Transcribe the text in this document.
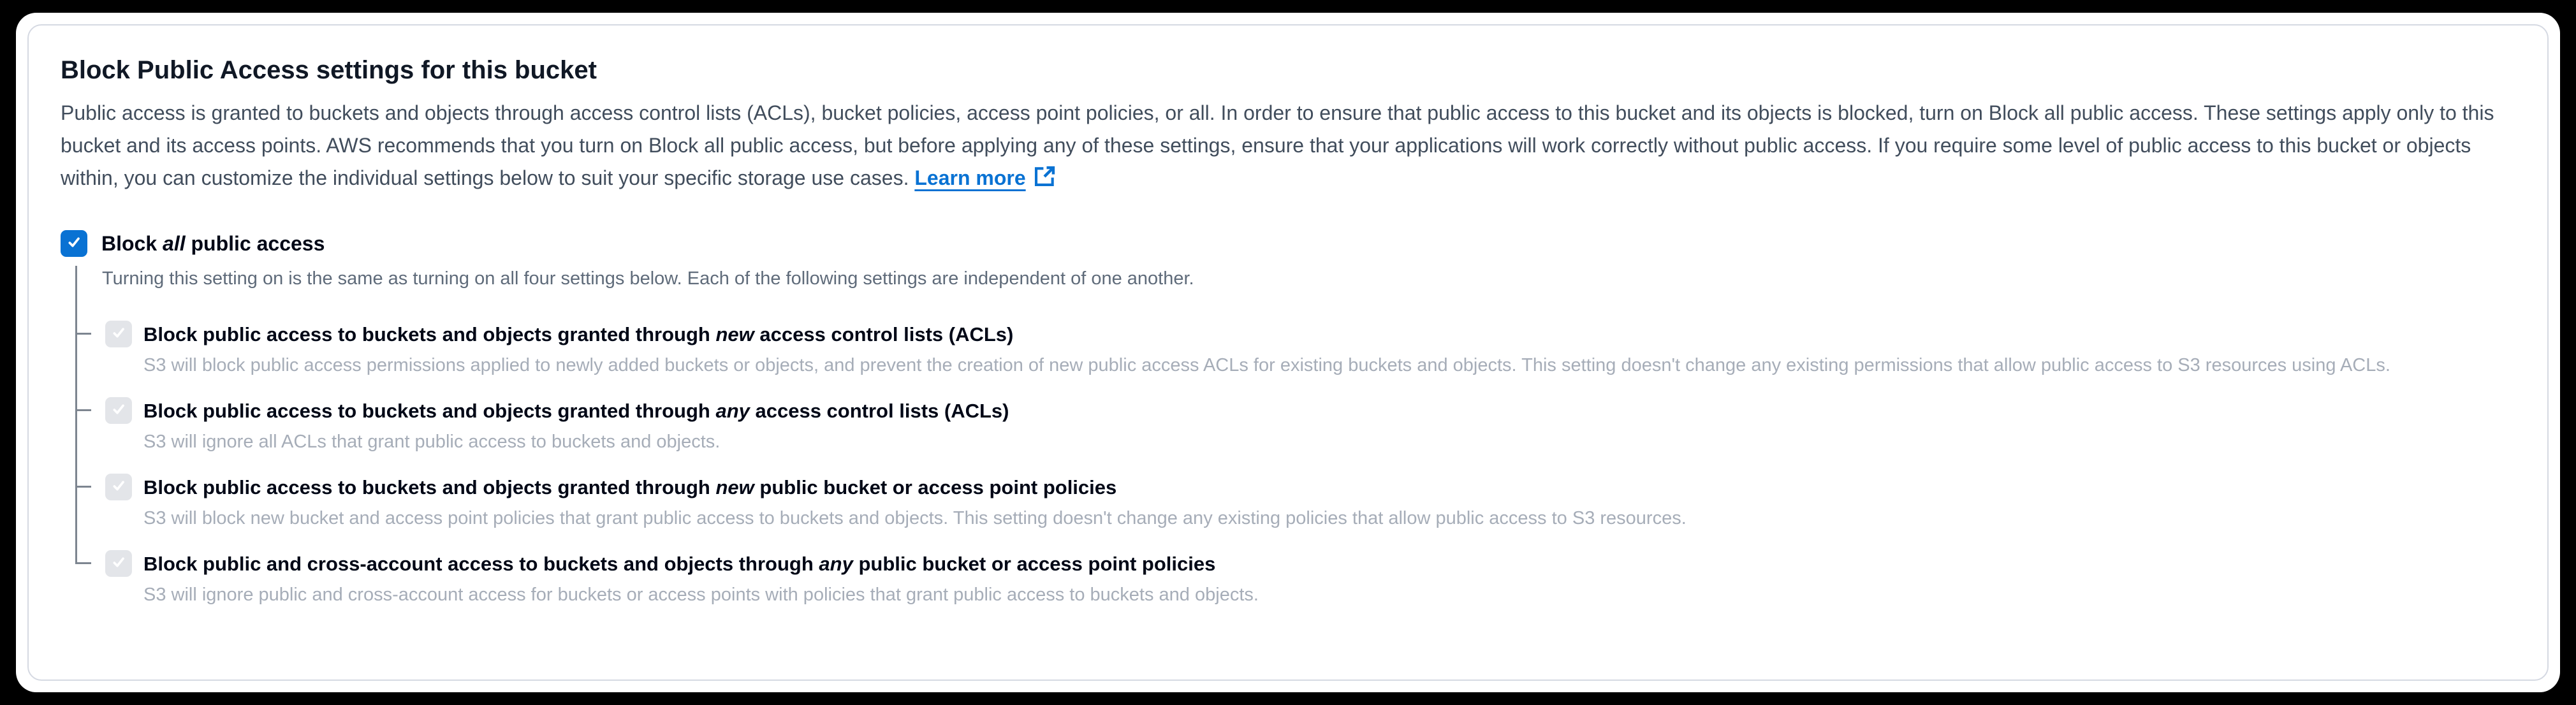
Block Public Access settings for this bucket

Public access is granted to buckets and objects through access control lists (ACLs), bucket policies, access point policies, or all. In order to ensure that public access to this bucket and its objects is blocked, turn on Block all public access. These settings apply only to this bucket and its access points. AWS recommends that you turn on Block all public access, but before applying any of these settings, ensure that your applications will work correctly without public access. If you require some level of public access to this bucket or objects within, you can customize the individual settings below to suit your specific storage use cases. Learn more

Block all public access
Turning this setting on is the same as turning on all four settings below. Each of the following settings are independent of one another.
Block public access to buckets and objects granted through new access control lists (ACLs)
S3 will block public access permissions applied to newly added buckets or objects, and prevent the creation of new public access ACLs for existing buckets and objects. This setting doesn't change any existing permissions that allow public access to S3 resources using ACLs.
Block public access to buckets and objects granted through any access control lists (ACLs)
S3 will ignore all ACLs that grant public access to buckets and objects.
Block public access to buckets and objects granted through new public bucket or access point policies
S3 will block new bucket and access point policies that grant public access to buckets and objects. This setting doesn't change any existing policies that allow public access to S3 resources.
Block public and cross-account access to buckets and objects through any public bucket or access point policies
S3 will ignore public and cross-account access for buckets or access points with policies that grant public access to buckets and objects.
